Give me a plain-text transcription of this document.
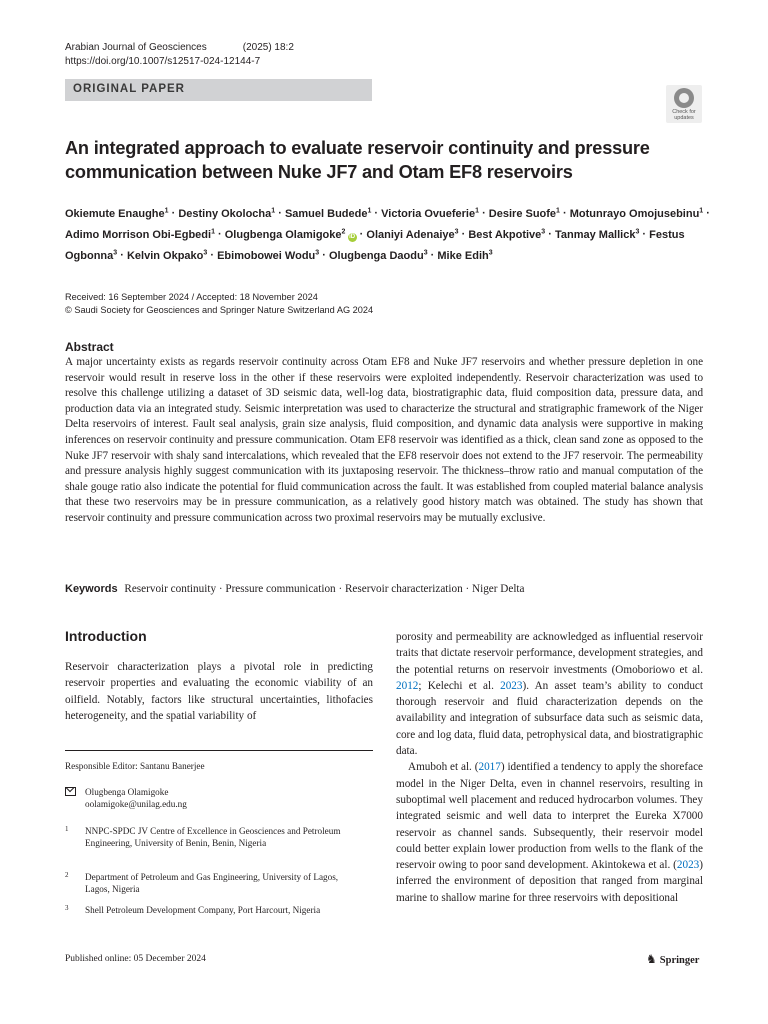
Arabian Journal of Geosciences	(2025) 18:2
https://doi.org/10.1007/s12517-024-12144-7
ORIGINAL PAPER
Check for
updates
An integrated approach to evaluate reservoir continuity and pressure communication between Nuke JF7 and Otam EF8 reservoirs
Okiemute Enaughe$^1$ · Destiny Okolocha$^1$ · Samuel Budede$^1$ · Victoria Ovueferie$^1$ · Desire Suofe$^1$ · Motunrayo Omojusebinu$^1$ · Adimo Morrison Obi-Egbedi$^1$ · Olugbenga Olamigoke$^2$ iD · Olaniyi Adenaiye$^3$ · Best Akpotive$^3$ · Tanmay Mallick$^3$ · Festus Ogbonna$^3$ · Kelvin Okpako$^3$ · Ebimobowei Wodu$^3$ · Olugbenga Daodu$^3$ · Mike Edih$^3$
Received: 16 September 2024 / Accepted: 18 November 2024
© Saudi Society for Geosciences and Springer Nature Switzerland AG 2024
Abstract
A major uncertainty exists as regards reservoir continuity across Otam EF8 and Nuke JF7 reservoirs and whether pressure depletion in one reservoir would result in reserve loss in the other if these reservoirs were exploited independently. Reservoir characterization was used to resolve this challenge utilizing a dataset of 3D seismic data, well-log data, biostratigraphic data, fluid composition data, pressure data, and production data via an integrated study. Seismic interpretation was used to characterize the structural and stratigraphic framework of the Niger Delta reservoirs of interest. Fault seal analysis, grain size analysis, fluid composition, and dynamic data analysis were supportive in making inferences on reservoir continuity and pressure communication. Otam EF8 reservoir was identified as a thick, clean sand zone as opposed to the Nuke JF7 reservoir with shaly sand intercalations, which revealed that the EF8 reservoir does not extend to the JF7 reservoir. The permeability and pressure analysis highly suggest communication with its juxtaposing reservoir. The thickness–throw ratio and manual computation of the shale gouge ratio also indicate the potential for fluid communication across the fault. It was established from coupled material balance analysis that these two reservoirs may be in pressure communication, as a relatively good history match was obtained. The study has shown that reservoir continuity and pressure communication across two proximal reservoirs may be mutually exclusive.
Keywords Reservoir continuity · Pressure communication · Reservoir characterization · Niger Delta
Introduction
Reservoir characterization plays a pivotal role in predicting reservoir properties and evaluating the economic viability of an oilfield. Notably, factors like structural uncertainties, lithofacies heterogeneity, and the spatial variability of

porosity and permeability are acknowledged as influential reservoir traits that dictate reservoir performance, development strategies, and the potential returns on reservoir investments (Omoboriowo et al. 2012; Kelechi et al. 2023). An asset team’s ability to conduct thorough reservoir and fluid characterization depends on the availability and integration of subsurface data such as seismic data, core and log data, fluid data, petrophysical data, and biostratigraphic data.

Amuboh et al. (2017) identified a tendency to apply the shoreface model in the Niger Delta, even in channel reservoirs, resulting in suboptimal well placement and reduced hydrocarbon volumes. They integrated seismic and well data to interpret the Eureka X7000 reservoir as channel sands. Subsequently, their reservoir model could better explain lower production from wells to the flank of the reservoir owing to poor sand development. Akintokewa et al. (2023) inferred the environment of deposition that ranged from marginal marine to shallow marine for three reservoirs with depositional

Responsible Editor: Santanu Banerjee
Olugbenga Olamigoke
oolamigoke@unilag.edu.ng
1 NNPC-SPDC JV Centre of Excellence in Geosciences and Petroleum Engineering, University of Benin, Benin, Nigeria
2 Department of Petroleum and Gas Engineering, University of Lagos, Lagos, Nigeria
3 Shell Petroleum Development Company, Port Harcourt, Nigeria
Published online: 05 December 2024	♞ Springer
